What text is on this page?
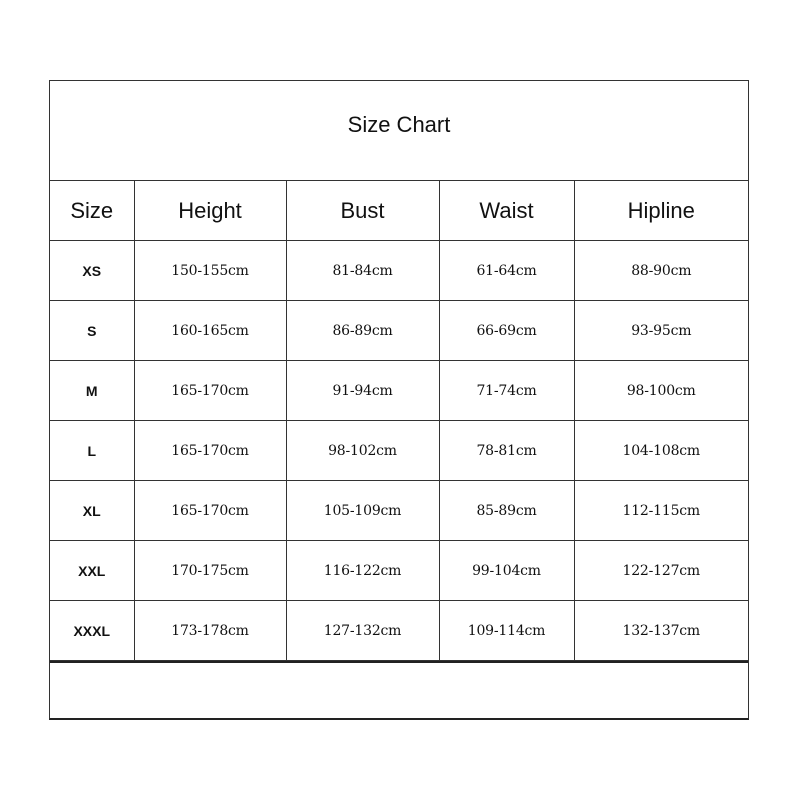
Size Chart
Size	Height	Bust	Waist	Hipline
XS	150-155cm	81-84cm	61-64cm	88-90cm
S	160-165cm	86-89cm	66-69cm	93-95cm
M	165-170cm	91-94cm	71-74cm	98-100cm
L	165-170cm	98-102cm	78-81cm	104-108cm
XL	165-170cm	105-109cm	85-89cm	112-115cm
XXL	170-175cm	116-122cm	99-104cm	122-127cm
XXXL	173-178cm	127-132cm	109-114cm	132-137cm
